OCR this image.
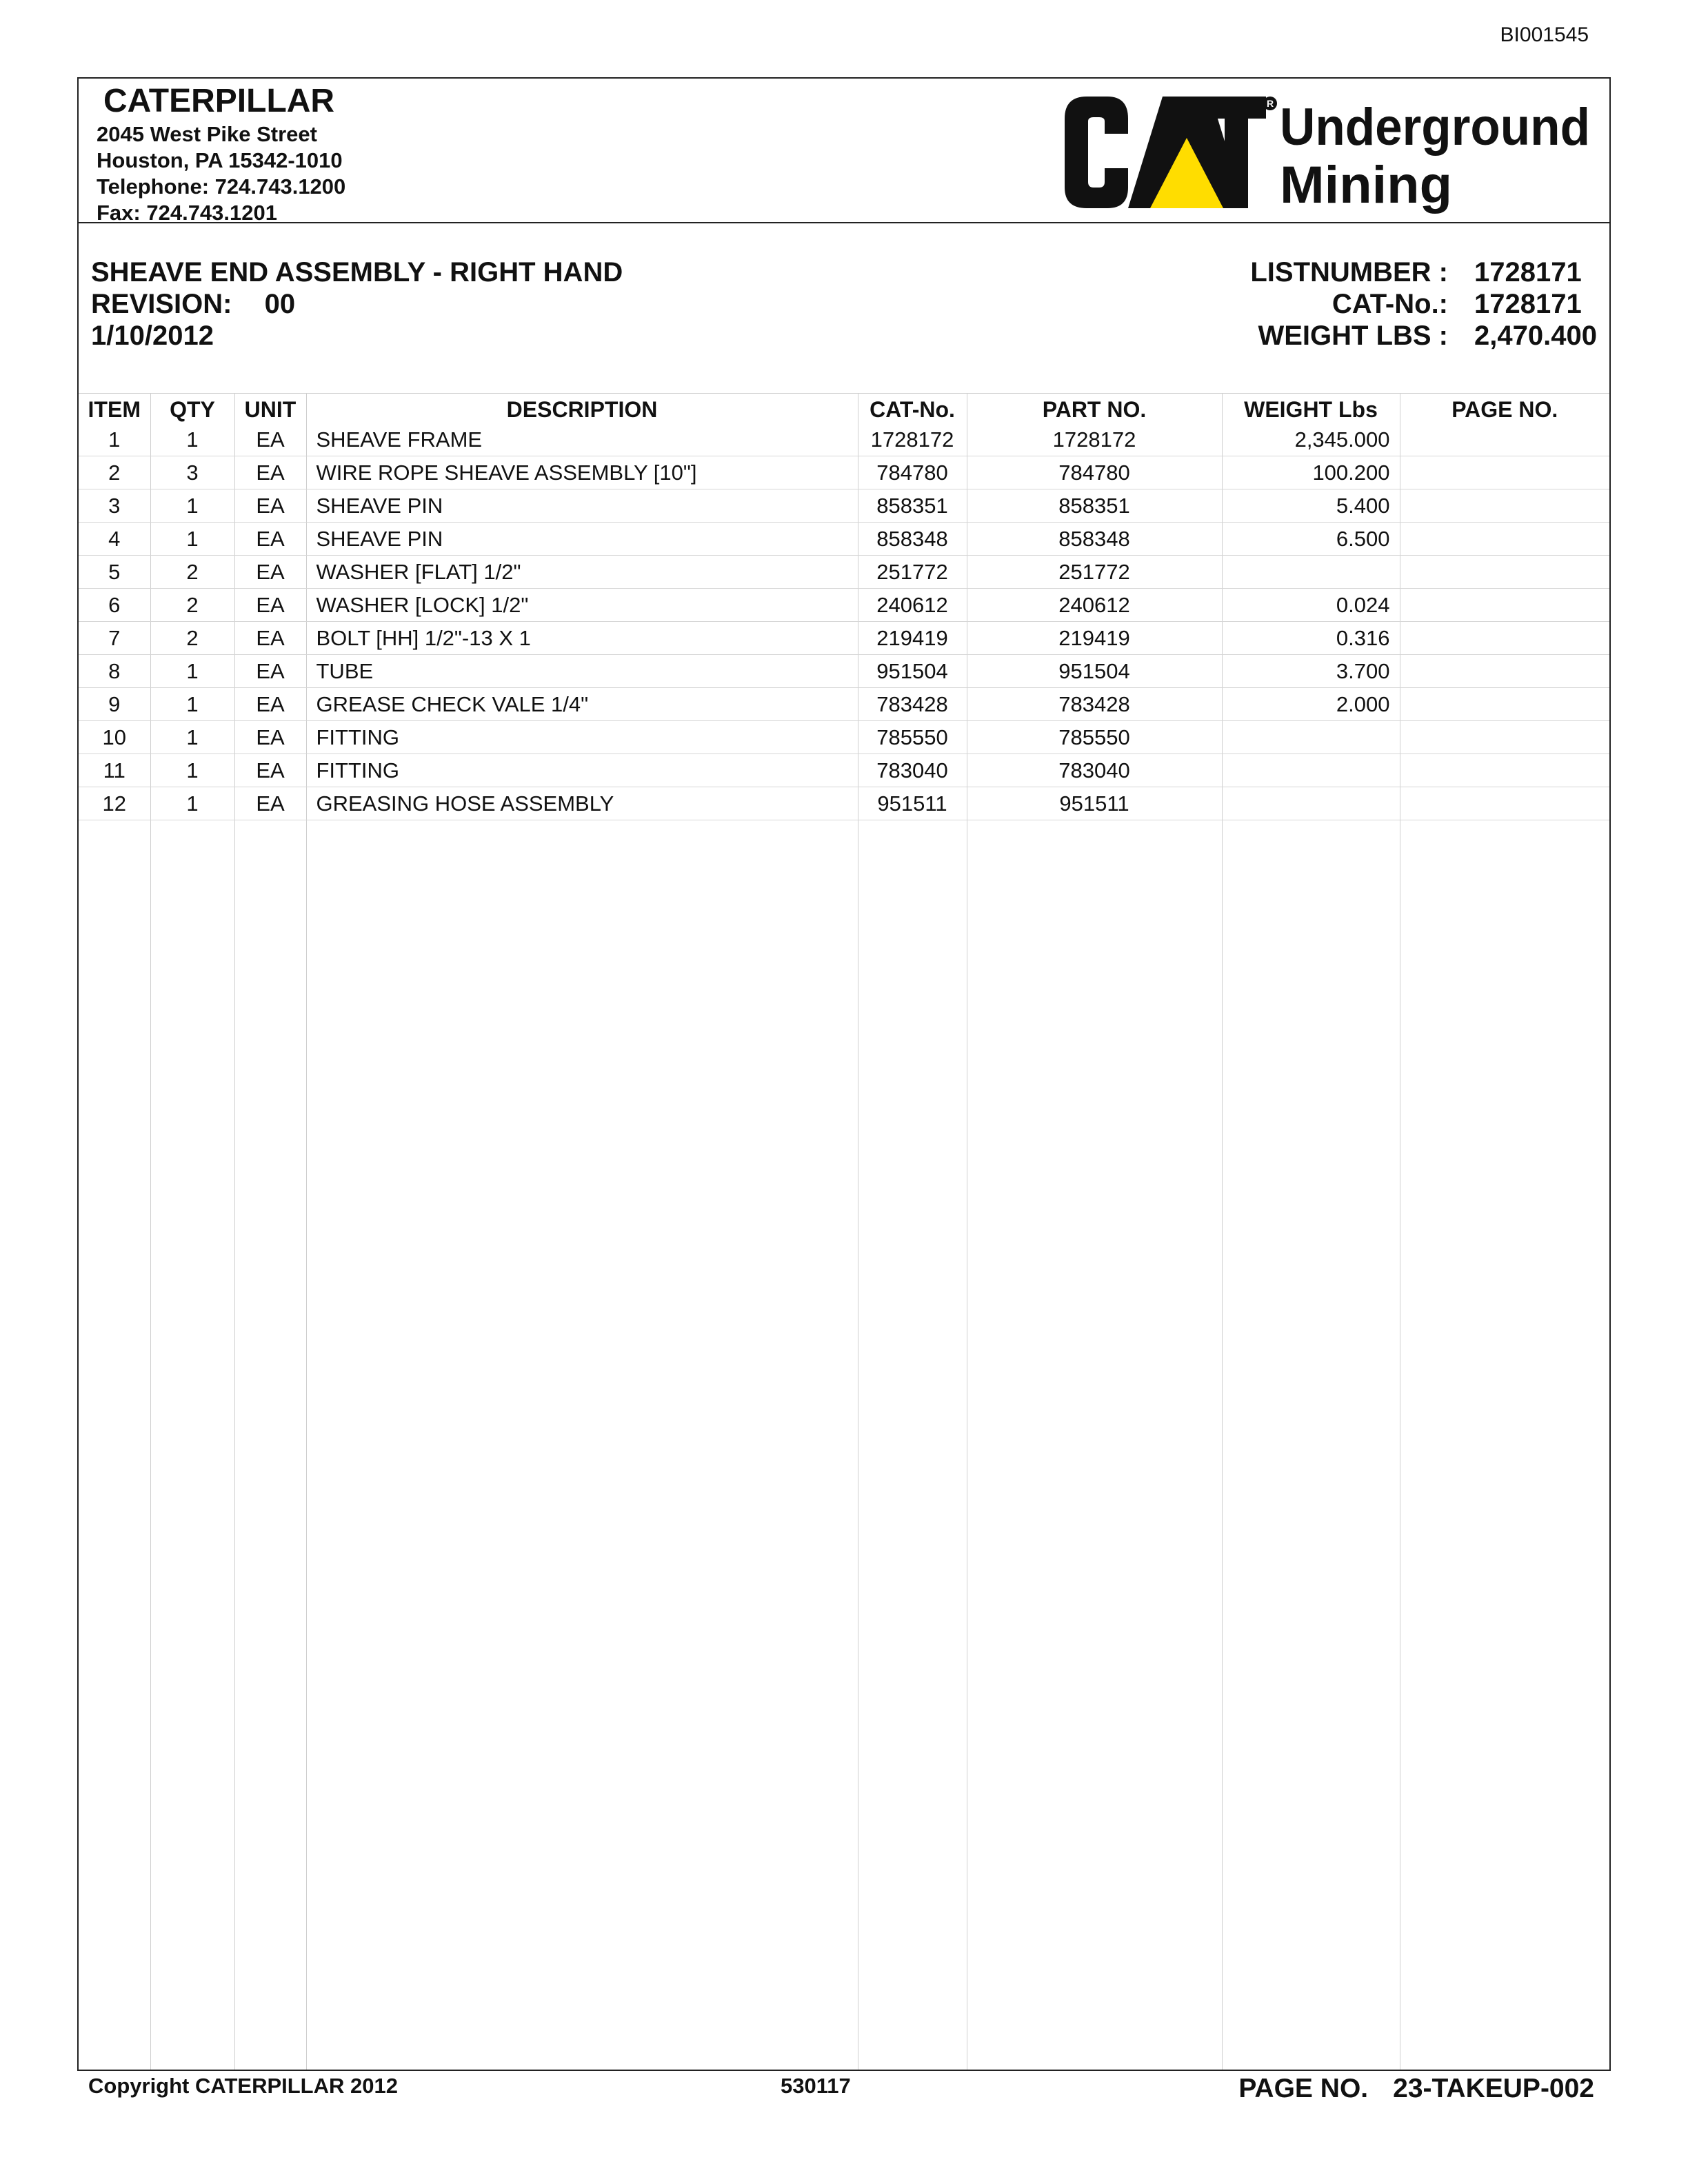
BI001545
CATERPILLAR
2045 West Pike Street
Houston, PA 15342-1010
Telephone: 724.743.1200
Fax: 724.743.1201
R Underground
Mining
SHEAVE END ASSEMBLY - RIGHT HAND
REVISION: 00
1/10/2012
LISTNUMBER : 1728171
CAT-No.: 1728171
WEIGHT LBS : 2,470.400
ITEM	QTY	UNIT	DESCRIPTION	CAT-No.	PART NO.	WEIGHT Lbs	PAGE NO.
1	1	EA	SHEAVE FRAME	1728172	1728172	2,345.000	
2	3	EA	WIRE ROPE SHEAVE ASSEMBLY [10"]	784780	784780	100.200	
3	1	EA	SHEAVE PIN	858351	858351	5.400	
4	1	EA	SHEAVE PIN	858348	858348	6.500	
5	2	EA	WASHER [FLAT] 1/2"	251772	251772		
6	2	EA	WASHER [LOCK] 1/2"	240612	240612	0.024	
7	2	EA	BOLT [HH] 1/2"-13 X 1	219419	219419	0.316	
8	1	EA	TUBE	951504	951504	3.700	
9	1	EA	GREASE CHECK VALE 1/4"	783428	783428	2.000	
10	1	EA	FITTING	785550	785550		
11	1	EA	FITTING	783040	783040		
12	1	EA	GREASING HOSE ASSEMBLY	951511	951511		
Copyright CATERPILLAR 2012	530117	PAGE NO. 23-TAKEUP-002
